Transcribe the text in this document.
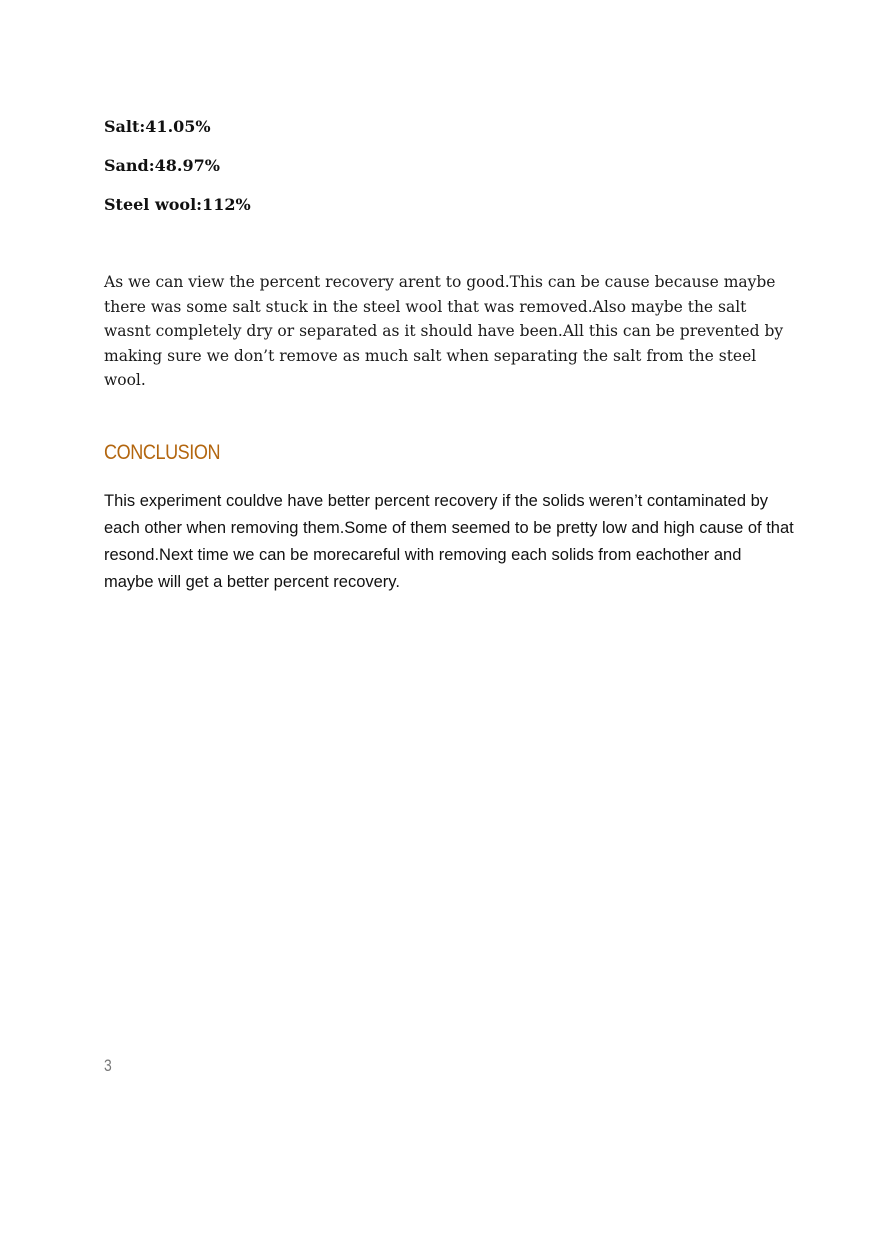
Salt:41.05%
Sand:48.97%
Steel wool:112%

As we can view the percent recovery arent to good.This can be cause because maybe there was some salt stuck in the steel wool that was removed.Also maybe the salt wasnt completely dry or separated as it should have been.All this can be prevented by making sure we don’t remove as much salt when separating the salt from the steel wool.

CONCLUSION

This experiment couldve have better percent recovery if the solids weren’t contaminated by each other when removing them.Some of them seemed to be pretty low and high cause of that resond.Next time we can be morecareful with removing each solids from eachother and maybe will get a better percent recovery.

3
